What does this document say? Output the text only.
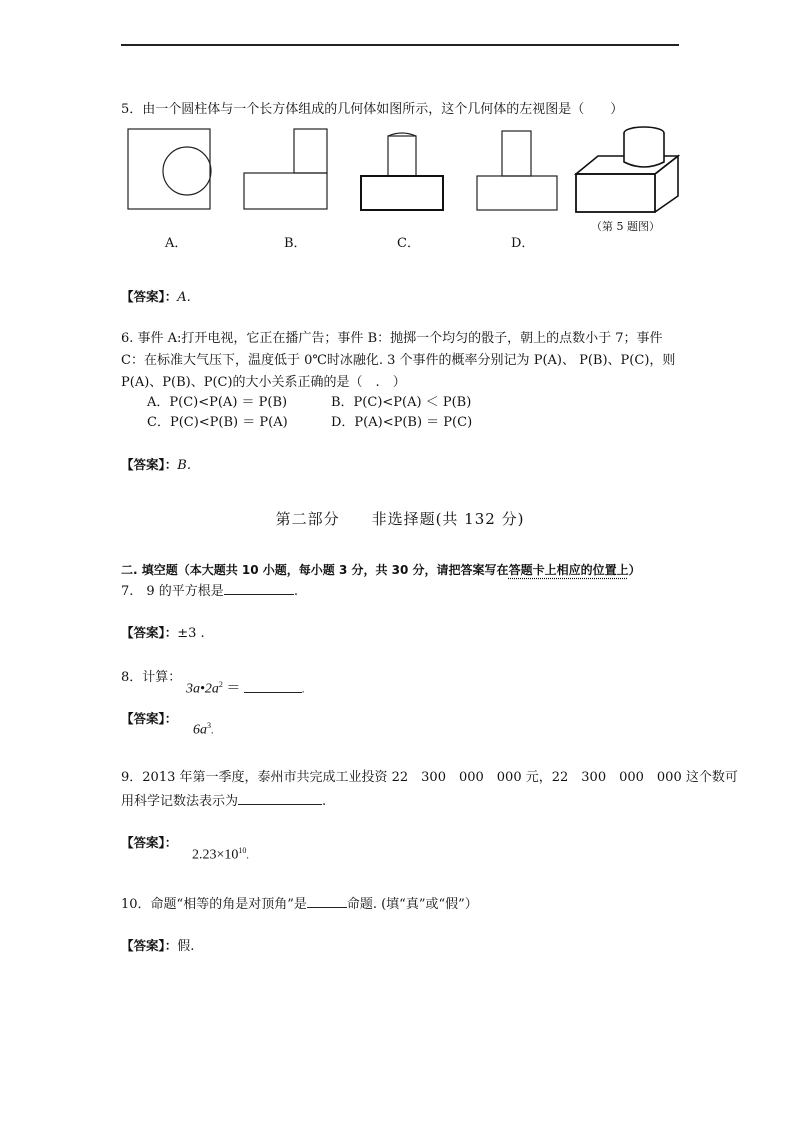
5．由一个圆柱体与一个长方体组成的几何体如图所示，这个几何体的左视图是（　　）
（第 5 题图）
A．	B．	C．	D．
【答案】：A.
6. 事件 A:打开电视，它正在播广告；事件 B：抛掷一个均匀的骰子，朝上的点数小于 7；事件
C：在标准大气压下，温度低于 0℃时冰融化. 3 个事件的概率分别记为 P(A)、 P(B)、P(C)，则
P(A)、P(B)、P(C)的大小关系正确的是（　.　）
A．P(C)<P(A) ＝ P(B)	B．P(C)<P(A) ＜ P(B)
C．P(C)<P(B) ＝ P(A)	D．P(A)<P(B) ＝ P(C)
【答案】：B.
第二部分　　非选择题(共 132 分)
二. 填空题（本大题共 10 小题，每小题 3 分，共 30 分，请把答案写在答题卡上相应的位置上）
7.　9 的平方根是	.
【答案】：±3 .
8．计算：
$3a•2a^2$ ＝	.
【答案】：
$6a^3$.
9．2013 年第一季度，泰州市共完成工业投资 22　300　000　000 元，22　300　000　000 这个数可
用科学记数法表示为	.
【答案】：
$2.23\times 10^{10}$.
10．命题“相等的角是对顶角”是	命题. (填“真”或“假”）
【答案】：假.
